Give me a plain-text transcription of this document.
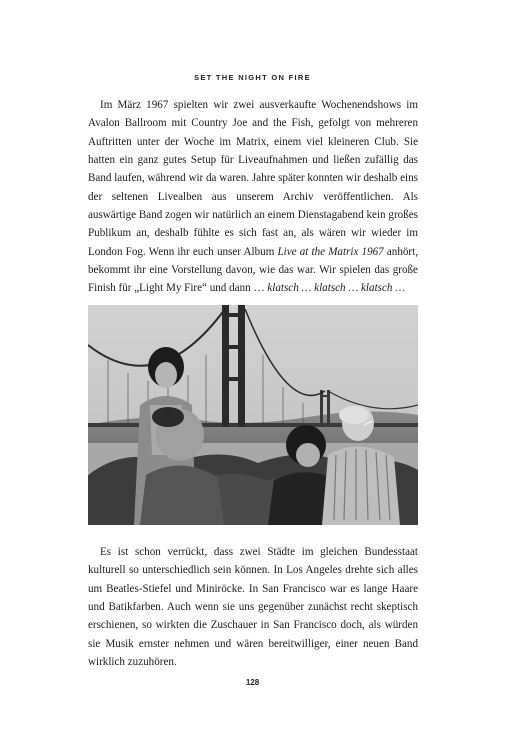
SET THE NIGHT ON FIRE
Im März 1967 spielten wir zwei ausverkaufte Wochenendshows im Avalon Ballroom mit Country Joe and the Fish, gefolgt von mehreren Auftritten unter der Woche im Matrix, einem viel kleineren Club. Sie hatten ein ganz gutes Setup für Liveaufnahmen und ließen zufällig das Band laufen, während wir da waren. Jahre später konnten wir deshalb eins der seltenen Livealben aus unserem Archiv veröffentlichen. Als auswärtige Band zogen wir natürlich an einem Dienstagabend kein großes Publikum an, deshalb fühlte es sich fast an, als wären wir wieder im London Fog. Wenn ihr euch unser Album Live at the Matrix 1967 anhört, bekommt ihr eine Vorstellung davon, wie das war. Wir spielen das große Finish für „Light My Fire“ und dann … klatsch … klatsch … klatsch …
Es ist schon verrückt, dass zwei Städte im gleichen Bundesstaat kulturell so unterschiedlich sein können. In Los Angeles drehte sich alles um Beatles-Stiefel und Miniröcke. In San Francisco war es lange Haare und Batikfarben. Auch wenn sie uns gegenüber zunächst recht skeptisch erschienen, so wirkten die Zuschauer in San Francisco doch, als würden sie Musik ernster nehmen und wären bereitwilliger, einer neuen Band wirklich zuzuhören.
128
